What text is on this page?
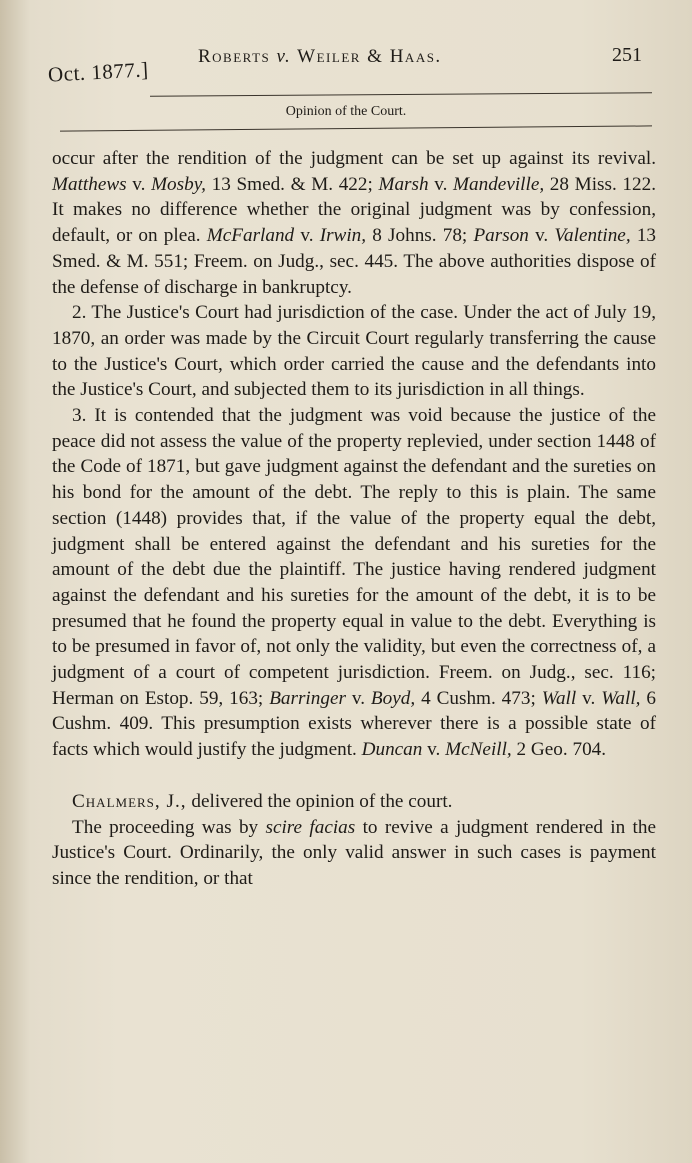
Oct. 1877.]
Roberts v. Weiler & Haas.	251
Opinion of the Court.

occur after the rendition of the judgment can be set up against its revival. Matthews v. Mosby, 13 Smed. & M. 422; Marsh v. Mandeville, 28 Miss. 122. It makes no difference whether the original judgment was by confession, default, or on plea. McFarland v. Irwin, 8 Johns. 78; Parson v. Valentine, 13 Smed. & M. 551; Freem. on Judg., sec. 445. The above authorities dispose of the defense of discharge in bankruptcy.

2. The Justice's Court had jurisdiction of the case. Under the act of July 19, 1870, an order was made by the Circuit Court regularly transferring the cause to the Justice's Court, which order carried the cause and the defendants into the Justice's Court, and subjected them to its jurisdiction in all things.

3. It is contended that the judgment was void because the justice of the peace did not assess the value of the property replevied, under section 1448 of the Code of 1871, but gave judgment against the defendant and the sureties on his bond for the amount of the debt. The reply to this is plain. The same section (1448) provides that, if the value of the property equal the debt, judgment shall be entered against the defendant and his sureties for the amount of the debt due the plaintiff. The justice having rendered judgment against the defendant and his sureties for the amount of the debt, it is to be presumed that he found the property equal in value to the debt. Everything is to be presumed in favor of, not only the validity, but even the correctness of, a judgment of a court of competent jurisdiction. Freem. on Judg., sec. 116; Herman on Estop. 59, 163; Barringer v. Boyd, 4 Cushm. 473; Wall v. Wall, 6 Cushm. 409. This presumption exists wherever there is a possible state of facts which would justify the judgment. Duncan v. McNeill, 2 Geo. 704.

Chalmers, J., delivered the opinion of the court.

The proceeding was by scire facias to revive a judgment rendered in the Justice's Court. Ordinarily, the only valid answer in such cases is payment since the rendition, or that
